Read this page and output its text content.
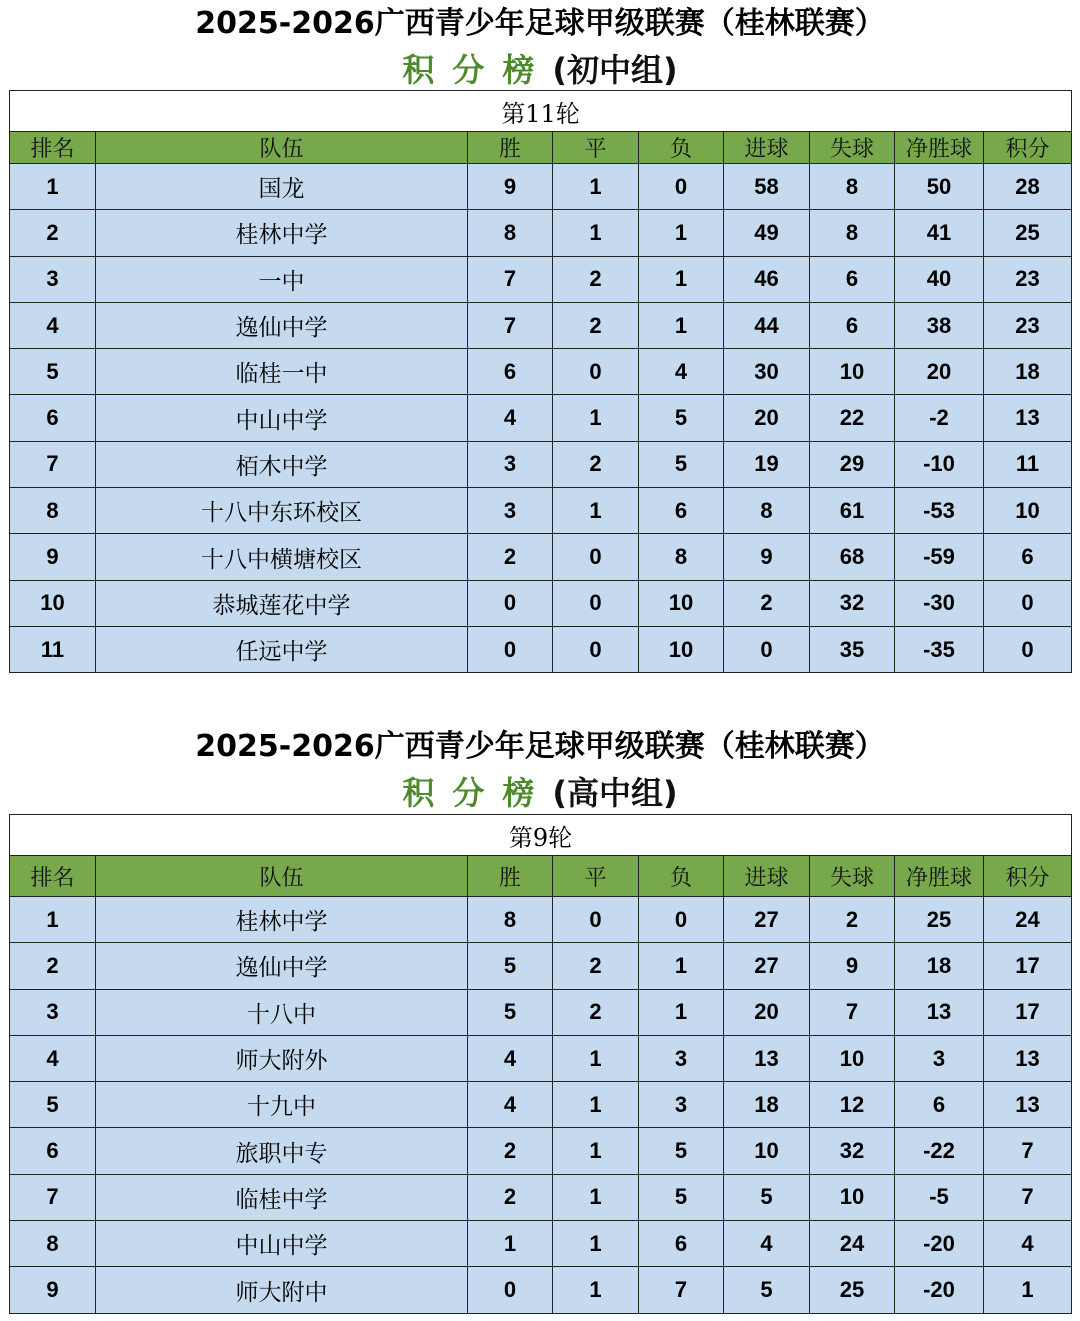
2025-2026广西青少年足球甲级联赛（桂林联赛）
积分榜(初中组)
第11轮								
排名	队伍	胜	平	负	进球	失球	净胜球	积分
1	国龙	9	1	0	58	8	50	28
2	桂林中学	8	1	1	49	8	41	25
3	一中	7	2	1	46	6	40	23
4	逸仙中学	7	2	1	44	6	38	23
5	临桂一中	6	0	4	30	10	20	18
6	中山中学	4	1	5	20	22	-2	13
7	栢木中学	3	2	5	19	29	-10	11
8	十八中东环校区	3	1	6	8	61	-53	10
9	十八中横塘校区	2	0	8	9	68	-59	6
10	恭城莲花中学	0	0	10	2	32	-30	0
11	任远中学	0	0	10	0	35	-35	0
2025-2026广西青少年足球甲级联赛（桂林联赛）
积分榜(高中组)
第9轮								
排名	队伍	胜	平	负	进球	失球	净胜球	积分
1	桂林中学	8	0	0	27	2	25	24
2	逸仙中学	5	2	1	27	9	18	17
3	十八中	5	2	1	20	7	13	17
4	师大附外	4	1	3	13	10	3	13
5	十九中	4	1	3	18	12	6	13
6	旅职中专	2	1	5	10	32	-22	7
7	临桂中学	2	1	5	5	10	-5	7
8	中山中学	1	1	6	4	24	-20	4
9	师大附中	0	1	7	5	25	-20	1
